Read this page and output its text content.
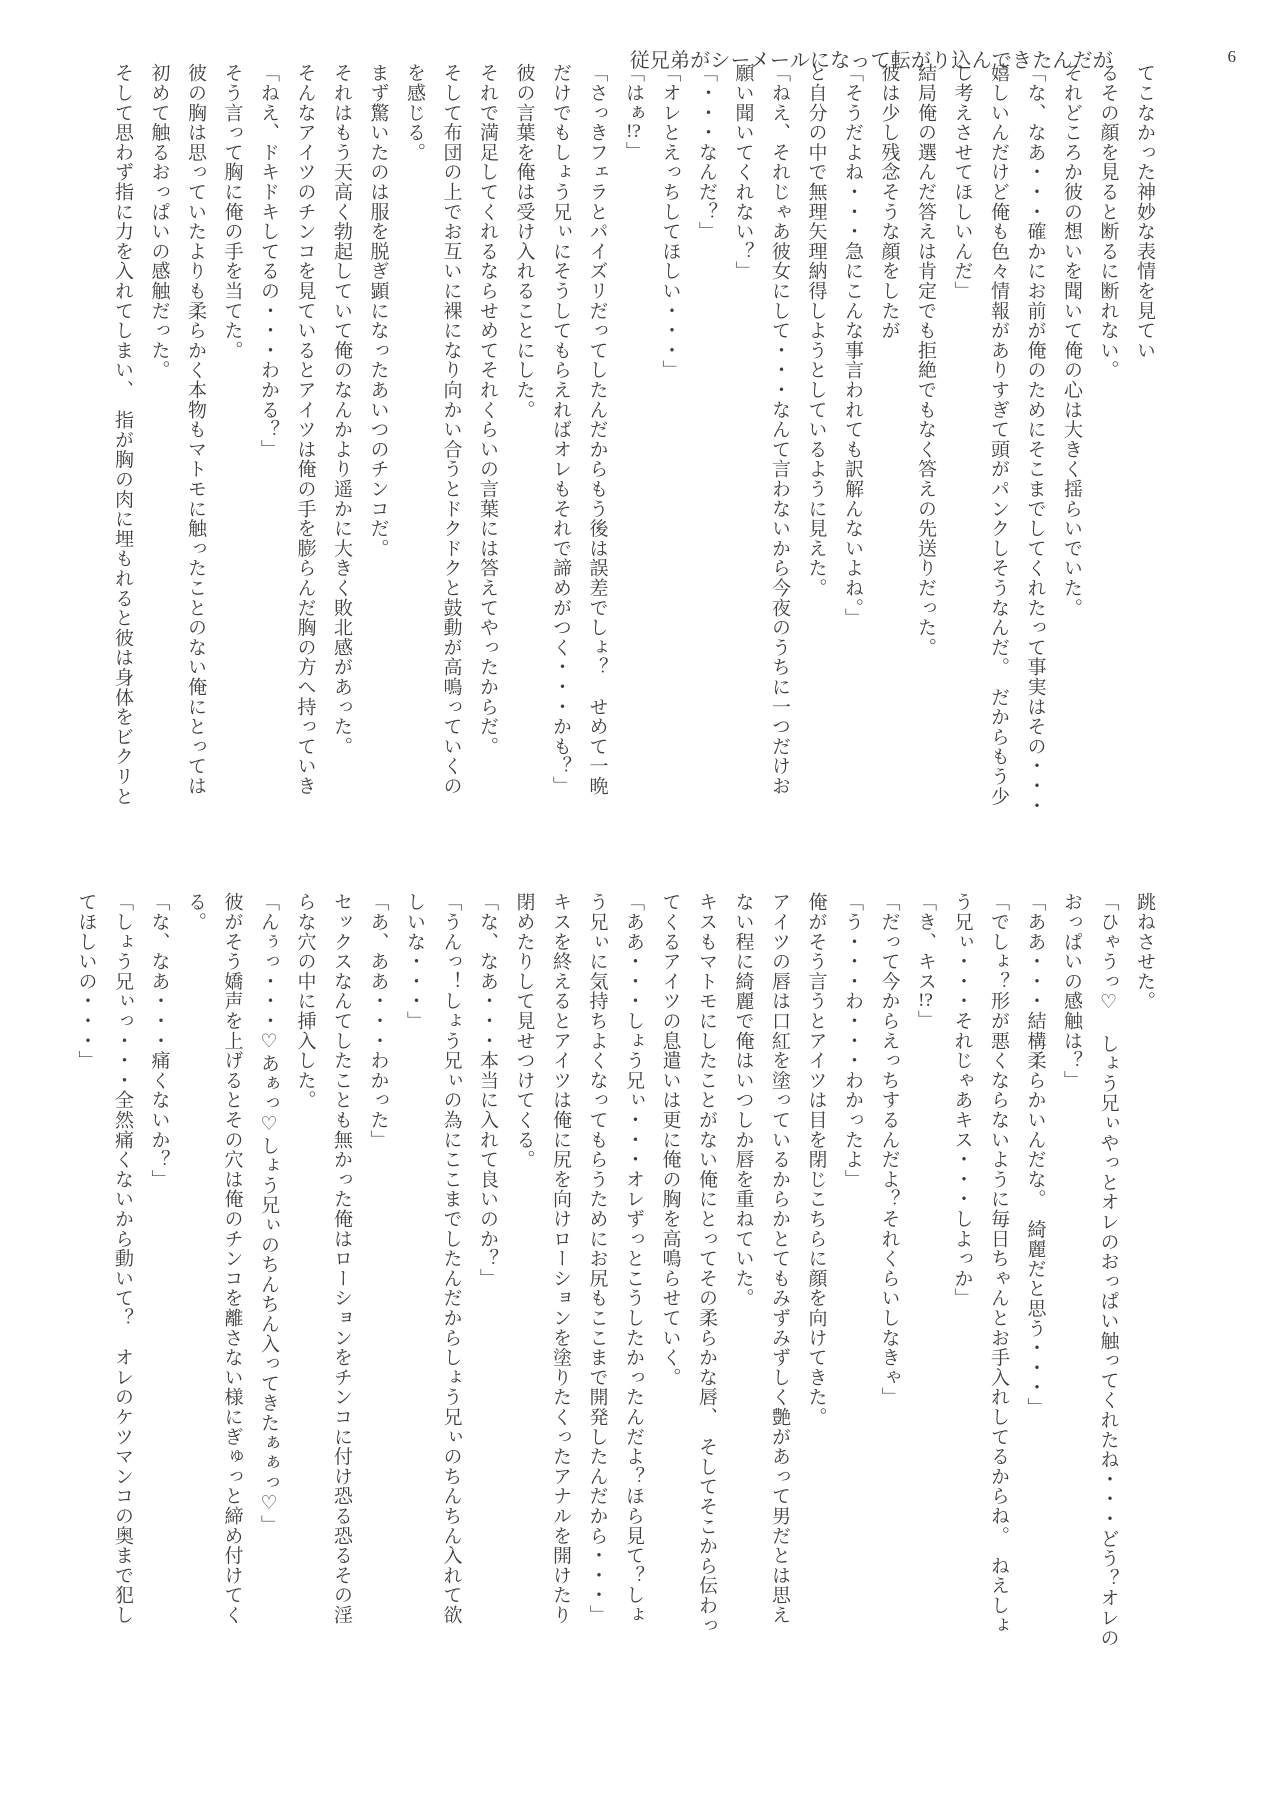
従兄弟がシーメールになって転がり込んできたんだが	6
てこなかった神妙な表情を見てい
るその顔を見ると断るに断れない。
それどころか彼の想いを聞いて俺の心は大きく揺らいでいた。
「な、なあ・・・確かにお前が俺のためにそこまでしてくれたって事実はその・・・
嬉しいんだけど俺も色々情報がありすぎて頭がパンクしそうなんだ。　だからもう少
し考えさせてほしいんだ」
結局俺の選んだ答えは肯定でも拒絶でもなく答えの先送りだった。
彼は少し残念そうな顔をしたが
「そうだよね・・・急にこんな事言われても訳解んないよね。」
と自分の中で無理矢理納得しようとしているように見えた。
「ねえ、それじゃあ彼女にして・・・なんて言わないから今夜のうちに一つだけお
願い聞いてくれない？」
「・・・なんだ？」
「オレとえっちしてほしい・・・」
「はぁ!?」
「さっきフェラとパイズリだってしたんだからもう後は誤差でしょ？　せめて一晩
だけでもしょう兄ぃにそうしてもらえればオレもそれで諦めがつく・・・かも？」
彼の言葉を俺は受け入れることにした。
それで満足してくれるならせめてそれくらいの言葉には答えてやったからだ。
そして布団の上でお互いに裸になり向かい合うとドクドクと鼓動が高鳴っていくの
を感じる。
まず驚いたのは服を脱ぎ顕になったあいつのチンコだ。
それはもう天高く勃起していて俺のなんかより遥かに大きく敗北感があった。
そんなアイツのチンコを見ているとアイツは俺の手を膨らんだ胸の方へ持っていき
「ねえ、ドキドキしてるの・・・わかる？」
そう言って胸に俺の手を当てた。
彼の胸は思っていたよりも柔らかく本物もマトモに触ったことのない俺にとっては
初めて触るおっぱいの感触だった。
そして思わず指に力を入れてしまい、　指が胸の肉に埋もれると彼は身体をビクリと
跳ねさせた。
「ひゃうっ♡　しょう兄ぃやっとオレのおっぱい触ってくれたね・・・どう？オレの
おっぱいの感触は？」
「ああ・・・結構柔らかいんだな。　綺麗だと思う・・・」
「でしょ？形が悪くならないように毎日ちゃんとお手入れしてるからね。　ねえしょ
う兄ぃ・・・それじゃあキス・・・しよっか」
「き、キス!?」
「だって今からえっちするんだよ？それくらいしなきゃ」
「う・・・わ・・・わかったよ」
俺がそう言うとアイツは目を閉じこちらに顔を向けてきた。
アイツの唇は口紅を塗っているからかとてもみずみずしく艶があって男だとは思え
ない程に綺麗で俺はいつしか唇を重ねていた。
キスもマトモにしたことがない俺にとってその柔らかな唇、　そしてそこから伝わっ
てくるアイツの息遣いは更に俺の胸を高鳴らせていく。
「ああ・・・しょう兄ぃ・・・オレずっとこうしたかったんだよ？ほら見て？しょ
う兄ぃに気持ちよくなってもらうためにお尻もここまで開発したんだから・・・」
キスを終えるとアイツは俺に尻を向けローションを塗りたくったアナルを開けたり
閉めたりして見せつけてくる。
「な、なあ・・・本当に入れて良いのか？」
「うんっ！しょう兄ぃの為にここまでしたんだからしょう兄ぃのちんちん入れて欲
しいな・・・」
「あ、ああ・・・わかった」
セックスなんてしたことも無かった俺はローションをチンコに付け恐る恐るその淫
らな穴の中に挿入した。
「んぅっ・・・♡あぁっ♡しょう兄ぃのちんちん入ってきたぁぁっ♡」
彼がそう嬌声を上げるとその穴は俺のチンコを離さない様にぎゅっと締め付けてく
る。
「な、なあ・・・痛くないか？」
「しょう兄ぃっ・・・全然痛くないから動いて？　オレのケツマンコの奥まで犯し
てほしいの・・・」
